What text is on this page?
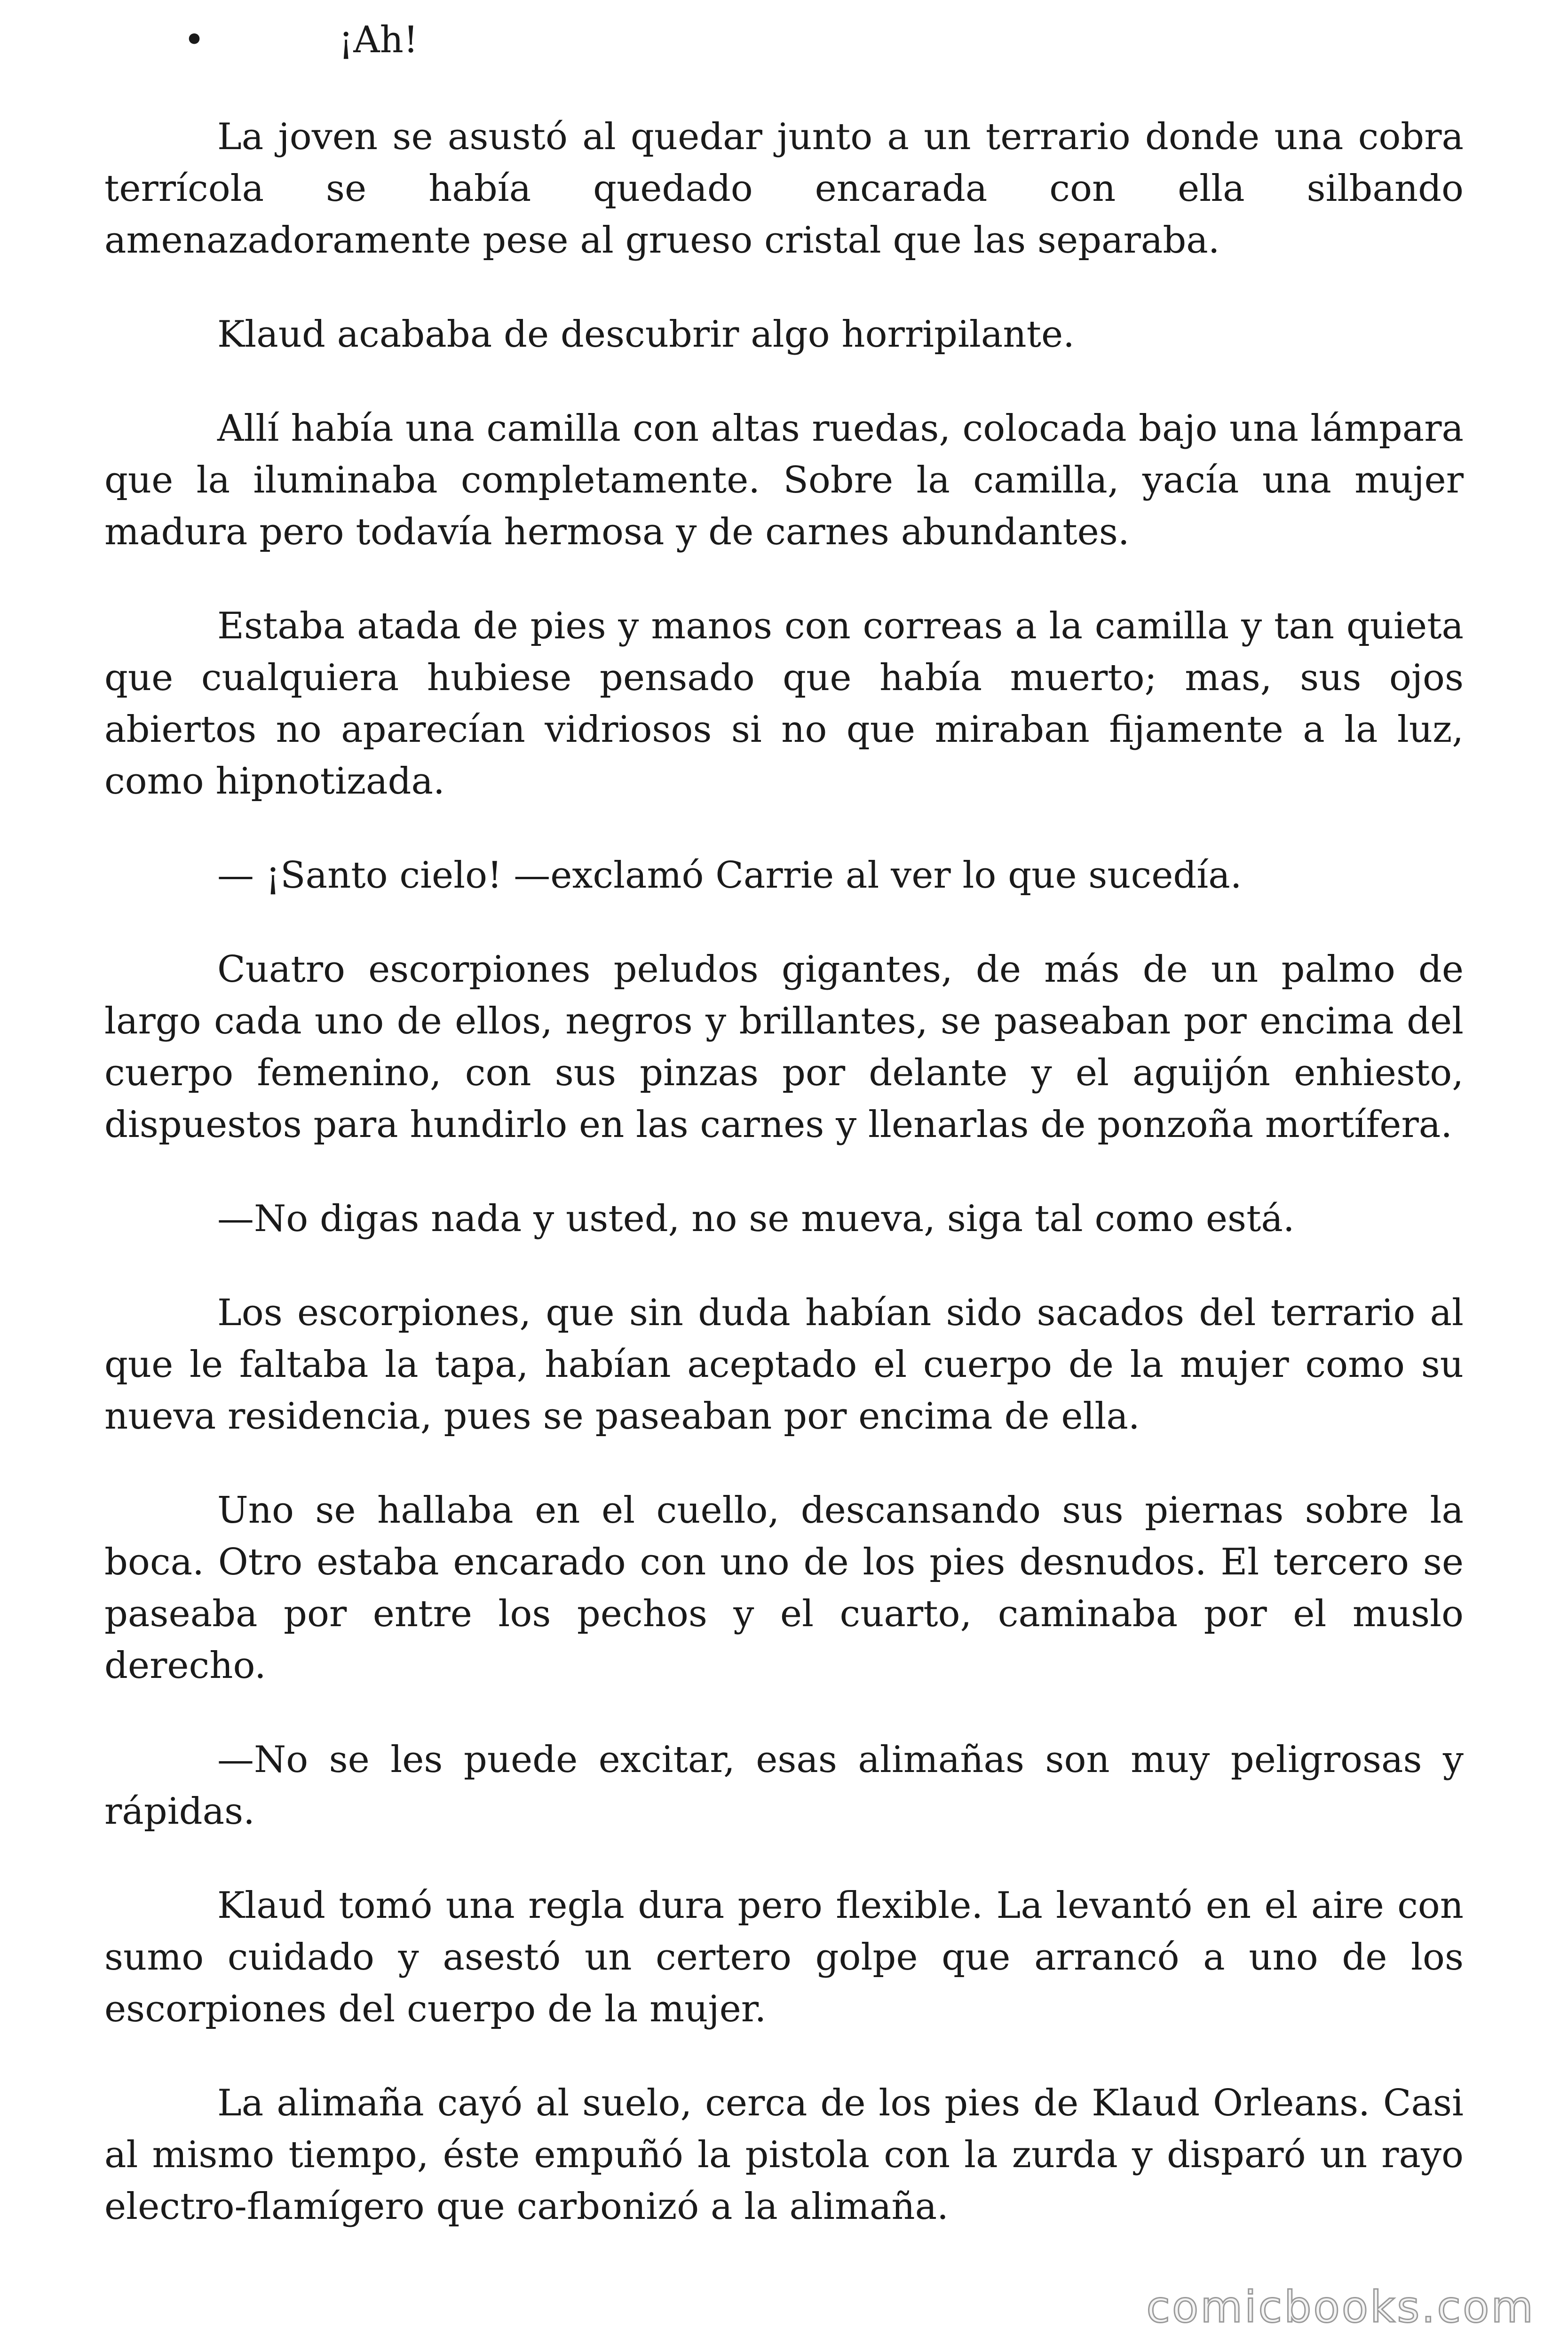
•	¡Ah!

La joven se asustó al quedar junto a un terrario donde una cobra terrícola se había quedado encarada con ella silbando amenazadoramente pese al grueso cristal que las separaba.

Klaud acababa de descubrir algo horripilante.

Allí había una camilla con altas ruedas, colocada bajo una lámpara que la iluminaba completamente. Sobre la camilla, yacía una mujer madura pero todavía hermosa y de carnes abundantes.

Estaba atada de pies y manos con correas a la camilla y tan quieta que cualquiera hubiese pensado que había muerto; mas, sus ojos abiertos no aparecían vidriosos si no que miraban fijamente a la luz, como hipnotizada.

— ¡Santo cielo! —exclamó Carrie al ver lo que sucedía.

Cuatro escorpiones peludos gigantes, de más de un palmo de largo cada uno de ellos, negros y brillantes, se paseaban por encima del cuerpo femenino, con sus pinzas por delante y el aguijón enhiesto, dispuestos para hundirlo en las carnes y llenarlas de ponzoña mortífera.

—No digas nada y usted, no se mueva, siga tal como está.

Los escorpiones, que sin duda habían sido sacados del terrario al que le faltaba la tapa, habían aceptado el cuerpo de la mujer como su nueva residencia, pues se paseaban por encima de ella.

Uno se hallaba en el cuello, descansando sus piernas sobre la boca. Otro estaba encarado con uno de los pies desnudos. El tercero se paseaba por entre los pechos y el cuarto, caminaba por el muslo derecho.

—No se les puede excitar, esas alimañas son muy peligrosas y rápidas.

Klaud tomó una regla dura pero flexible. La levantó en el aire con sumo cuidado y asestó un certero golpe que arrancó a uno de los escorpiones del cuerpo de la mujer.

La alimaña cayó al suelo, cerca de los pies de Klaud Orleans. Casi al mismo tiempo, éste empuñó la pistola con la zurda y disparó un rayo electro-flamígero que carbonizó a la alimaña.

comicbooks.com
